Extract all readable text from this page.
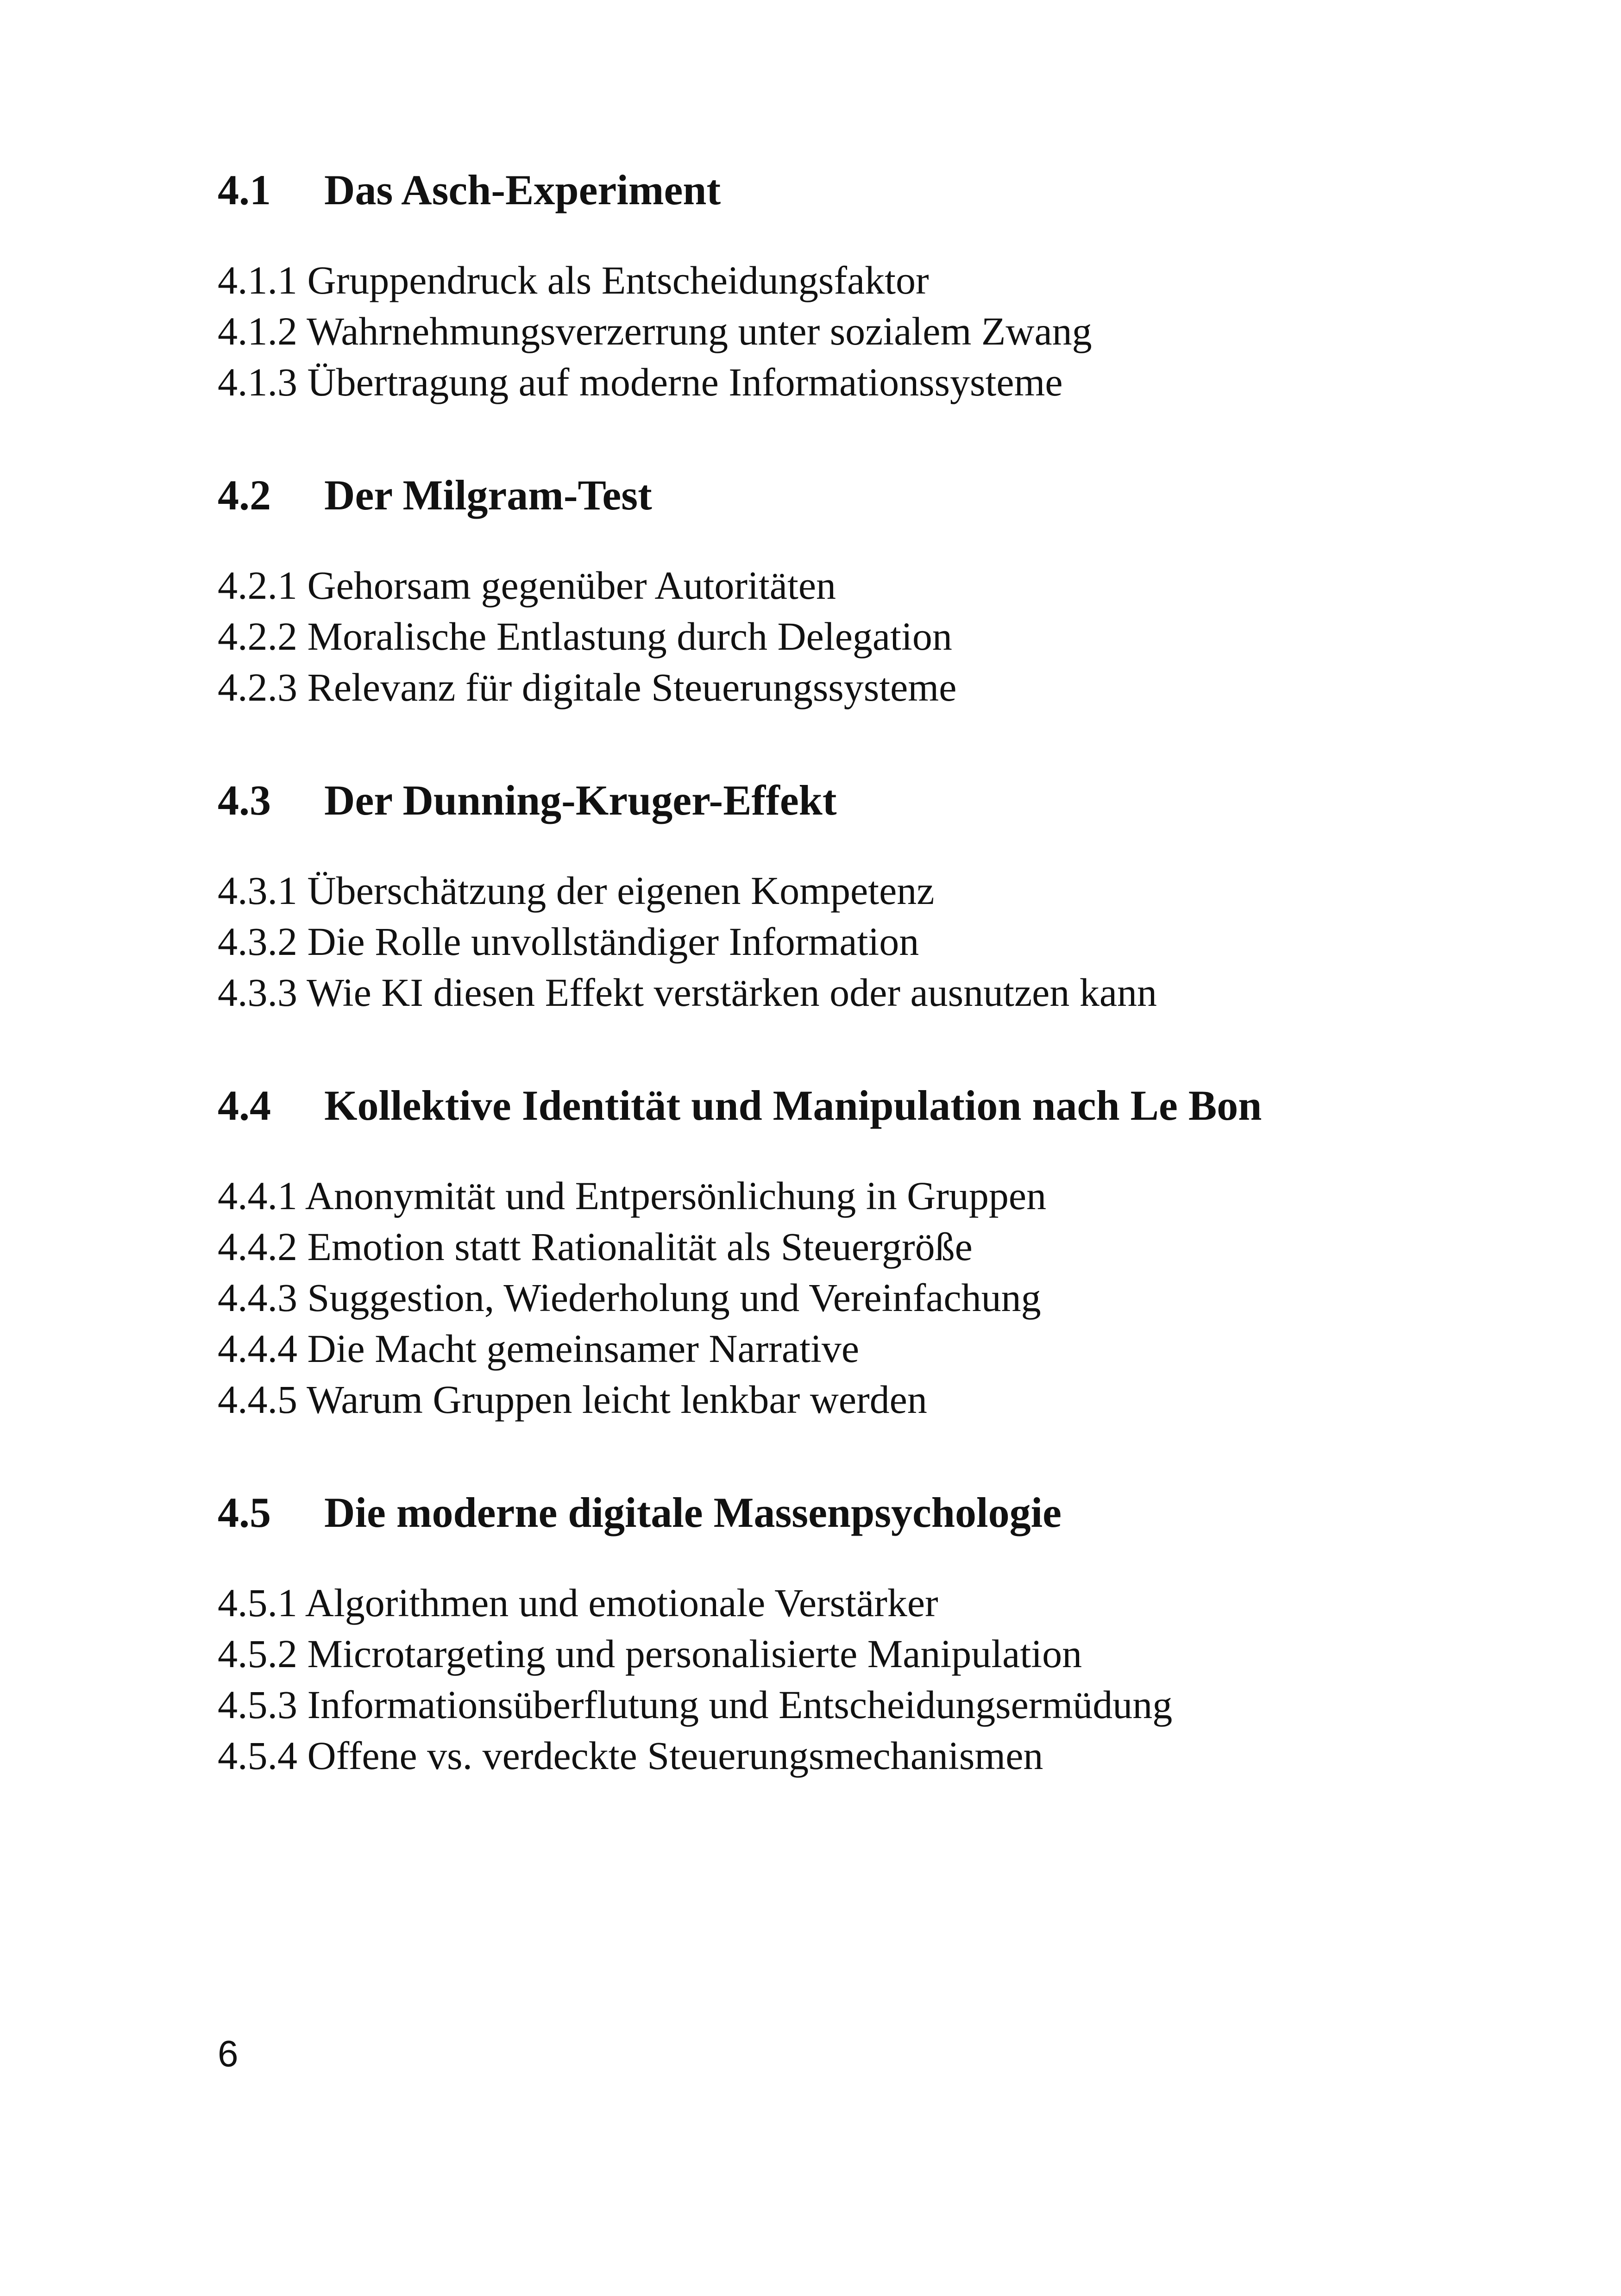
4.1	Das Asch-Experiment
4.1.1 Gruppendruck als Entscheidungsfaktor
4.1.2 Wahrnehmungsverzerrung unter sozialem Zwang
4.1.3 Übertragung auf moderne Informationssysteme
4.2	Der Milgram-Test
4.2.1 Gehorsam gegenüber Autoritäten
4.2.2 Moralische Entlastung durch Delegation
4.2.3 Relevanz für digitale Steuerungssysteme
4.3	Der Dunning-Kruger-Effekt
4.3.1 Überschätzung der eigenen Kompetenz
4.3.2 Die Rolle unvollständiger Information
4.3.3 Wie KI diesen Effekt verstärken oder ausnutzen kann
4.4	Kollektive Identität und Manipulation nach Le Bon
4.4.1 Anonymität und Entpersönlichung in Gruppen
4.4.2 Emotion statt Rationalität als Steuergröße
4.4.3 Suggestion, Wiederholung und Vereinfachung
4.4.4 Die Macht gemeinsamer Narrative
4.4.5 Warum Gruppen leicht lenkbar werden
4.5	Die moderne digitale Massenpsychologie
4.5.1 Algorithmen und emotionale Verstärker
4.5.2 Microtargeting und personalisierte Manipulation
4.5.3 Informationsüberflutung und Entscheidungsermüdung
4.5.4 Offene vs. verdeckte Steuerungsmechanismen
6
